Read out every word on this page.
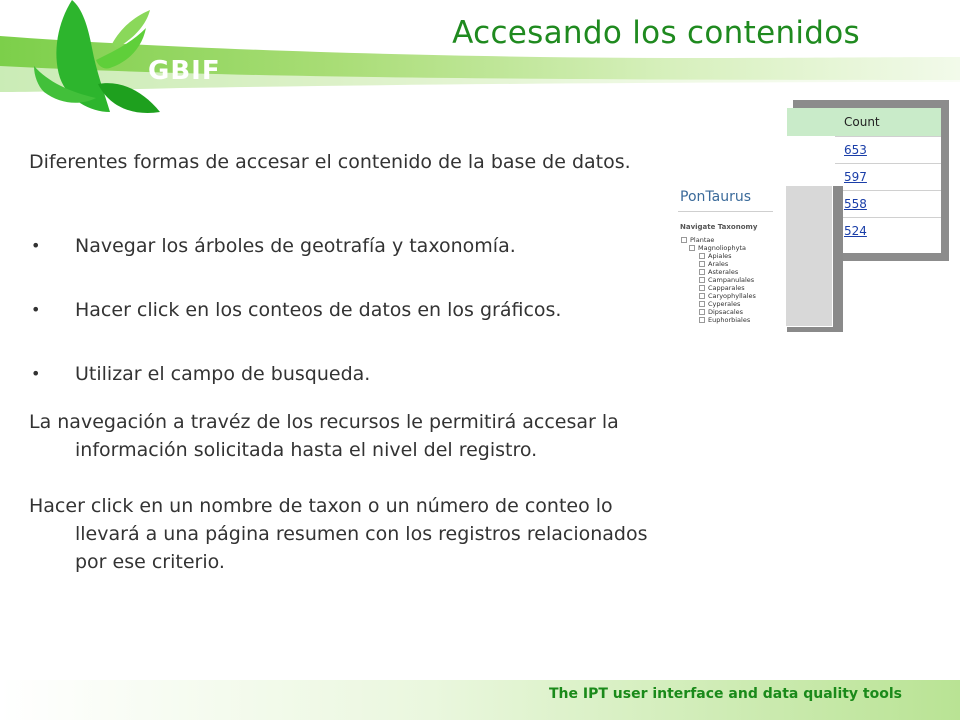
Accesando los contenidos
GBIF
Count
653
597
558
524
PonTaurus
Navigate Taxonomy
Plantae
Magnoliophyta
Apiales
Arales
Asterales
Campanulales
Capparales
Caryophyllales
Cyperales
Dipsacales
Euphorbiales

Diferentes formas de accesar el contenido de la base de datos.

• Navegar los árboles de geotrafía y taxonomía.
• Hacer click en los conteos de datos en los gráficos.
• Utilizar el campo de busqueda.

La navegación a travéz de los recursos le permitirá accesar la información solicitada hasta el nivel del registro.

Hacer click en un nombre de taxon o un número de conteo lo llevará a una página resumen con los registros relacionados por ese criterio.

The IPT user interface and data quality tools
